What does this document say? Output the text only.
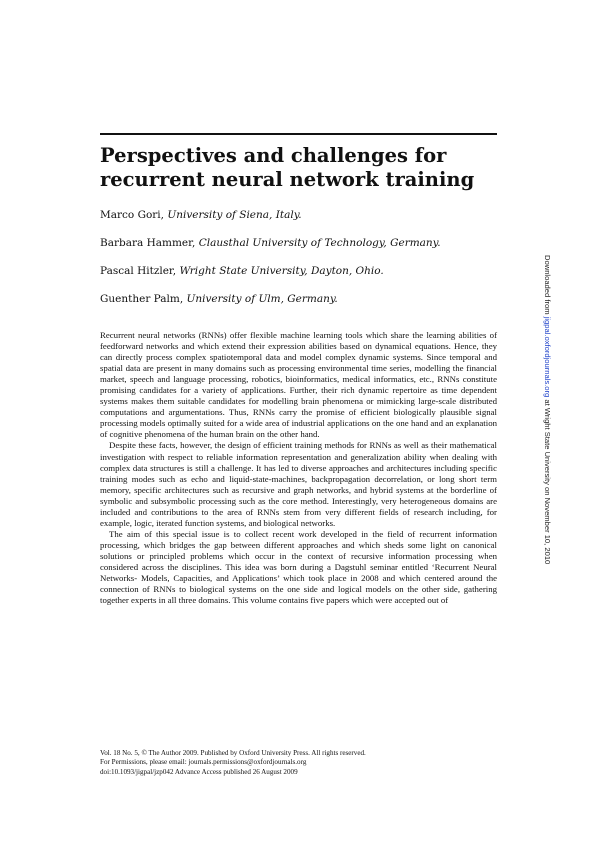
Perspectives and challenges for
recurrent neural network training
Marco Gori, University of Siena, Italy.
Barbara Hammer, Clausthal University of Technology, Germany.
Pascal Hitzler, Wright State University, Dayton, Ohio.
Guenther Palm, University of Ulm, Germany.

Recurrent neural networks (RNNs) offer flexible machine learning tools which share the learning abilities of feedforward networks and which extend their expression abilities based on dynamical equations. Hence, they can directly process complex spatiotemporal data and model complex dynamic systems. Since temporal and spatial data are present in many domains such as processing environmental time series, modelling the financial market, speech and language processing, robotics, bioinformatics, medical informatics, etc., RNNs constitute promising candidates for a variety of applications. Further, their rich dynamic repertoire as time dependent systems makes them suitable candidates for modelling brain phenomena or mimicking large-scale distributed computations and argumentations. Thus, RNNs carry the promise of efficient biologically plausible signal processing models optimally suited for a wide area of industrial applications on the one hand and an explanation of cognitive phenomena of the human brain on the other hand.

Despite these facts, however, the design of efficient training methods for RNNs as well as their mathematical investigation with respect to reliable information representation and generalization ability when dealing with complex data structures is still a challenge. It has led to diverse approaches and architectures including specific training modes such as echo and liquid-state-machines, backpropagation decorrelation, or long short term memory, specific architectures such as recursive and graph networks, and hybrid systems at the borderline of symbolic and subsymbolic processing such as the core method. Interestingly, very heterogeneous domains are included and contributions to the area of RNNs stem from very different fields of research including, for example, logic, iterated function systems, and biological networks.

The aim of this special issue is to collect recent work developed in the field of recurrent information processing, which bridges the gap between different approaches and which sheds some light on canonical solutions or principled problems which occur in the context of recursive information processing when considered across the disciplines. This idea was born during a Dagstuhl seminar entitled ‘Recurrent Neural Networks- Models, Capacities, and Applications’ which took place in 2008 and which centered around the connection of RNNs to biological systems on the one side and logical models on the other side, gathering together experts in all three domains. This volume contains five papers which were accepted out of

Vol. 18 No. 5, © The Author 2009. Published by Oxford University Press. All rights reserved.
For Permissions, please email: journals.permissions@oxfordjournals.org
doi:10.1093/jigpal/jzp042 Advance Access published 26 August 2009
Downloaded from jigpal.oxfordjournals.org at Wright State University on November 10, 2010
